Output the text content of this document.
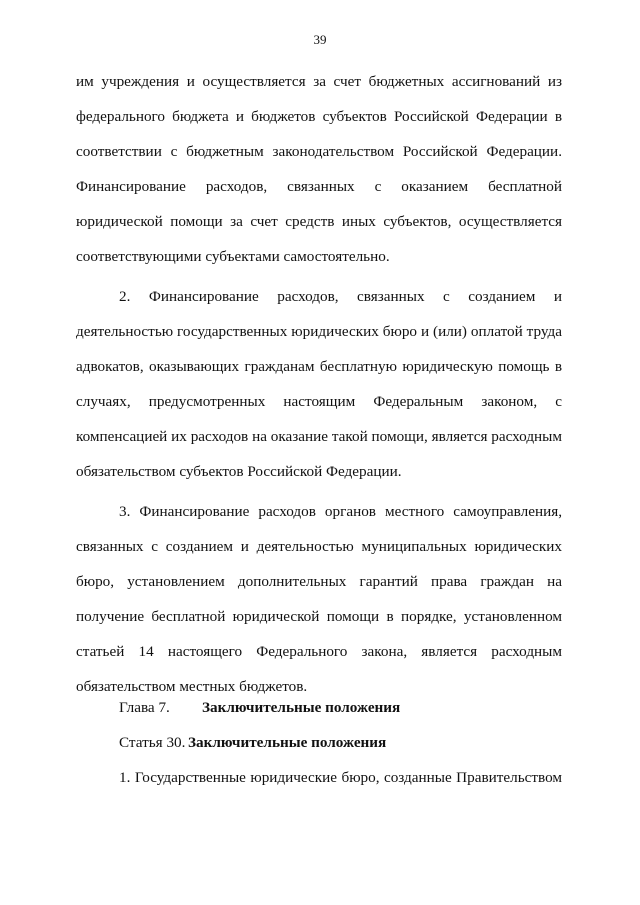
39

им учреждения и осуществляется за счет бюджетных ассигнований из федерального бюджета и бюджетов субъектов Российской Федерации в соответствии с бюджетным законодательством Российской Федерации. Финансирование расходов, связанных с оказанием бесплатной юридической помощи за счет средств иных субъектов, осуществляется соответствующими субъектами самостоятельно.

2. Финансирование расходов, связанных с созданием и деятельностью государственных юридических бюро и (или) оплатой труда адвокатов, оказывающих гражданам бесплатную юридическую помощь в случаях, предусмотренных настоящим Федеральным законом, с компенсацией их расходов на оказание такой помощи, является расходным обязательством субъектов Российской Федерации.

3. Финансирование расходов органов местного самоуправления, связанных с созданием и деятельностью муниципальных юридических бюро, установлением дополнительных гарантий права граждан на получение бесплатной юридической помощи в порядке, установленном статьей 14 настоящего Федерального закона, является расходным обязательством местных бюджетов.

Глава 7. Заключительные положения
Статья 30. Заключительные положения
1. Государственные юридические бюро, созданные Правительством
